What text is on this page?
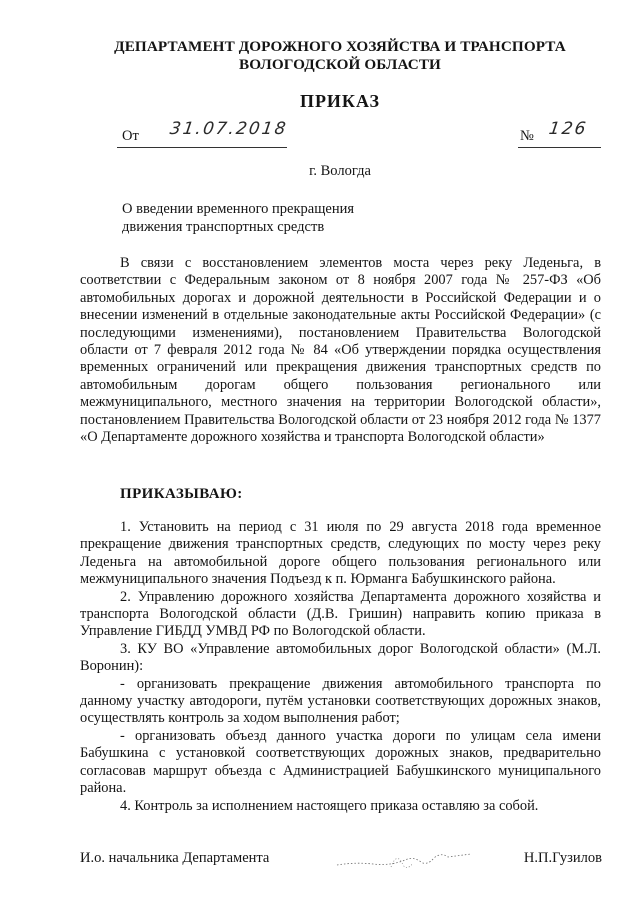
ДЕПАРТАМЕНТ ДОРОЖНОГО ХОЗЯЙСТВА И ТРАНСПОРТА
ВОЛОГОДСКОЙ ОБЛАСТИ
ПРИКАЗ
От 31.07.2018	№ 126
г. Вологда
О введении временного прекращения
движения транспортных средств

В связи с восстановлением элементов моста через реку Леденьга, в соответствии с Федеральным законом от 8 ноября 2007 года № 257-ФЗ «Об автомобильных дорогах и дорожной деятельности в Российской Федерации и о внесении изменений в отдельные законодательные акты Российской Федерации» (с последующими изменениями), постановлением Правительства Вологодской области от 7 февраля 2012 года № 84 «Об утверждении порядка осуществления временных ограничений или прекращения движения транспортных средств по автомобильным дорогам общего пользования регионального или межмуниципального, местного значения на территории Вологодской области», постановлением Правительства Вологодской области от 23 ноября 2012 года № 1377 «О Департаменте дорожного хозяйства и транспорта Вологодской области»

ПРИКАЗЫВАЮ:

1. Установить на период с 31 июля по 29 августа 2018 года временное прекращение движения транспортных средств, следующих по мосту через реку Леденьга на автомобильной дороге общего пользования регионального или межмуниципального значения Подъезд к п. Юрманга Бабушкинского района.

2. Управлению дорожного хозяйства Департамента дорожного хозяйства и транспорта Вологодской области (Д.В. Гришин) направить копию приказа в Управление ГИБДД УМВД РФ по Вологодской области.

3. КУ ВО «Управление автомобильных дорог Вологодской области» (М.Л. Воронин):

- организовать прекращение движения автомобильного транспорта по данному участку автодороги, путём установки соответствующих дорожных знаков, осуществлять контроль за ходом выполнения работ;

- организовать объезд данного участка дороги по улицам села имени Бабушкина с установкой соответствующих дорожных знаков, предварительно согласовав маршрут объезда с Администрацией Бабушкинского муниципального района.

4. Контроль за исполнением настоящего приказа оставляю за собой.

И.о. начальника Департамента	Н.П.Гузилов
